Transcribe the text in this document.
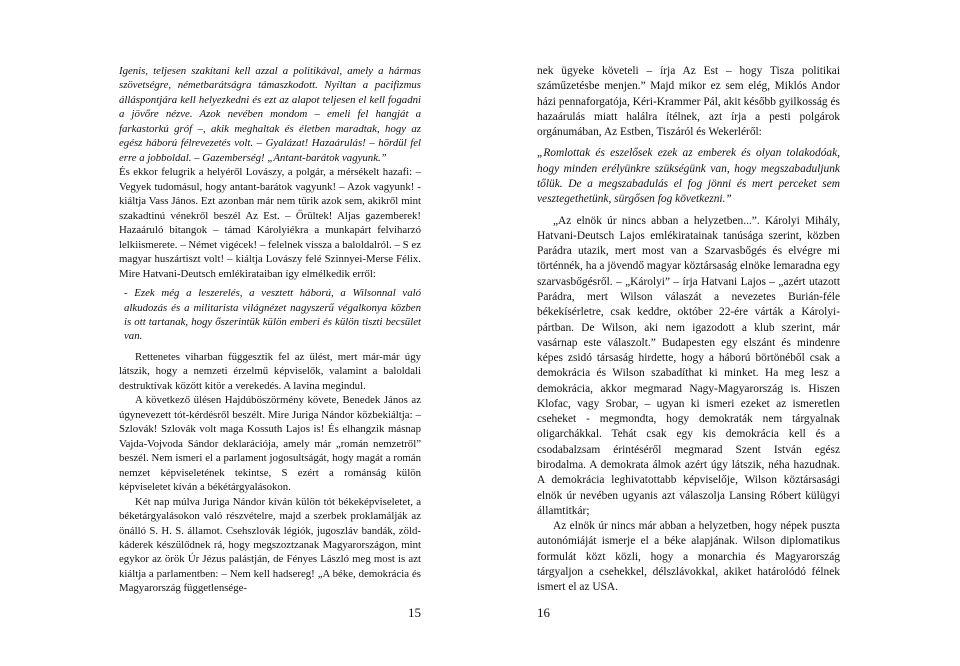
Igenis, teljesen szakítani kell azzal a politikával, amely a hármas szövetségre, németbarátságra támaszkodott. Nyíltan a pacifizmus álláspontjára kell helyezkedni és ezt az alapot teljesen el kell fogadni a jövőre nézve. Azok nevében mondom – emeli fel hangját a farkastorkú gróf –, akik meghaltak és életben maradtak, hogy az egész háború félrevezetés volt. – Gyalázat! Hazaárulás! – hördül fel erre a jobboldal. – Gazemberség! „Antant-barátok vagyunk.”

És ekkor felugrik a helyéről Lovászy, a polgár, a mérsékelt hazafi: – Vegyek tudomásul, hogy antant-barátok vagyunk! – Azok vagyunk! - kiáltja Vass János. Ezt azonban már nem tűrik azok sem, akikről mint szakadtinú vénekről beszél Az Est. – Őrültek! Aljas gazemberek! Hazaáruló bitangok – támad Károlyiékra a munkapárt felviharzó lelkiismerete. – Német vigécek! – felelnek vissza a baloldalról. – S ez magyar huszártiszt volt! – kiáltja Lovászy felé Szinnyei-Merse Félix. Mire Hatvani-Deutsch emlékirataiban így elmélkedik erről:

- Ezek még a leszerelés, a vesztett háború, a Wilsonnal való alkudozás és a militarista világnézet nagyszerű végalkonya közben is ott tartanak, hogy őszerintük külön emberi és külön tiszti becsület van.

Rettenetes viharban függesztik fel az ülést, mert már-már úgy látszik, hogy a nemzeti érzelmű képviselők, valamint a baloldali destruktívak között kitör a verekedés. A lavina megindul.

A következő ülésen Hajdúböszörmény követe, Benedek János az úgynevezett tót-kérdésről beszélt. Mire Juriga Nándor közbekiáltja: – Szlovák! Szlovák volt maga Kossuth Lajos is! És elhangzik másnap Vajda-Vojvoda Sándor deklarációja, amely már „román nemzetről” beszél. Nem ismeri el a parlament jogosultságát, hogy magát a román nemzet képviseletének tekintse, S ezért a románság külön képviseletet kíván a békétárgyalásokon.

Két nap múlva Juriga Nándor kíván külön tót békeképviseletet, a béketárgyalásokon való részvételre, majd a szerbek proklamálják az önálló S. H. S. államot. Csehszlovák légiók, jugoszláv bandák, zöld-káderek készülődnek rá, hogy megszoztzanak Magyarországon, mint egykor az örök Úr Jézus palástján, de Fényes László meg most is azt kiáltja a parlamentben: – Nem kell hadsereg! „A béke, demokrácia és Magyarország függetlensége-

15

nek ügyeke követeli – írja Az Est – hogy Tisza politikai száműzetésbe menjen.” Majd mikor ez sem elég, Miklós Andor házi pennaforgatója, Kéri-Krammer Pál, akit később gyilkosság és hazaárulás miatt halálra ítélnek, azt írja a pesti polgárok orgánumában, Az Estben, Tiszáról és Wekerléről:

„Romlottak és eszelősek ezek az emberek és olyan tolakodóak, hogy minden erélyünkre szükségünk van, hogy megszabaduljunk tőlük. De a megszabadulás el fog jönni és mert perceket sem vesztegethetünk, sürgősen fog következni.”

„Az elnök úr nincs abban a helyzetben...”. Károlyi Mihály, Hatvani-Deutsch Lajos emlékiratainak tanúsága szerint, közben Parádra utazik, mert most van a Szarvasbőgés és elvégre mi történnék, ha a jövendő magyar köztársaság elnöke lemaradna egy szarvasbőgésről. – „Károlyi” – írja Hatvani Lajos – „azért utazott Parádra, mert Wilson válaszát a nevezetes Burián-féle békekísérletre, csak keddre, október 22-ére várták a Károlyi-pártban. De Wilson, aki nem igazodott a klub szerint, már vasárnap este válaszolt.” Budapesten egy elszánt és mindenre képes zsidó társaság hirdette, hogy a háború börtönéből csak a demokrácia és Wilson szabadíthat ki minket. Ha meg lesz a demokrácia, akkor megmarad Nagy-Magyarország is. Hiszen Klofac, vagy Srobar, – ugyan ki ismeri ezeket az ismeretlen cseheket - megmondta, hogy demokraták nem tárgyalnak oligarchákkal. Tehát csak egy kis demokrácia kell és a csodabalzsam érintéséről megmarad Szent István egész birodalma. A demokrata álmok azért úgy látszik, néha hazudnak. A demokrácia leghivatottabb képviselője, Wilson köztársasági elnök úr nevében ugyanis azt válaszolja Lansing Róbert külügyi államtitkár;

Az elnök úr nincs már abban a helyzetben, hogy népek puszta autonómiáját ismerje el a béke alapjának. Wilson diplomatikus formulát közt közli, hogy a monarchia és Magyarország tárgyaljon a csehekkel, délszlávokkal, akiket határolódó félnek ismert el az USA.

16
